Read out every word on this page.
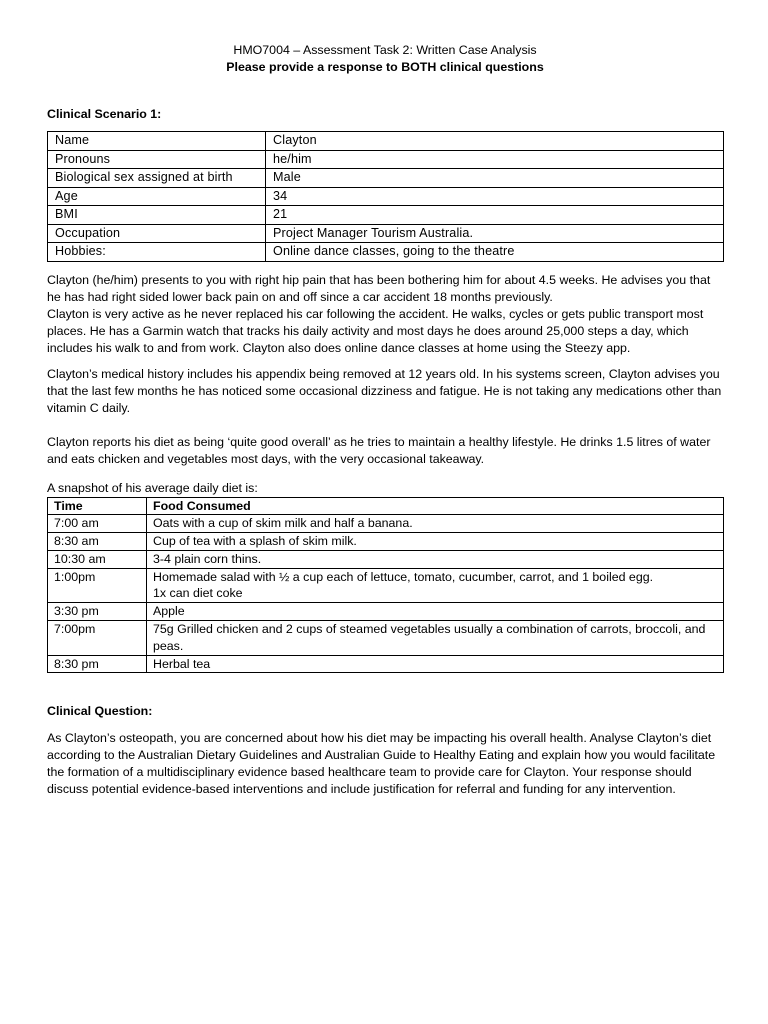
HMO7004 – Assessment Task 2: Written Case Analysis
Please provide a response to BOTH clinical questions
Clinical Scenario 1:
Name	Clayton
Pronouns	he/him
Biological sex assigned at birth	Male
Age	34
BMI	21
Occupation	Project Manager Tourism Australia.
Hobbies:	Online dance classes, going to the theatre

Clayton (he/him) presents to you with right hip pain that has been bothering him for about 4.5 weeks. He advises you that he has had right sided lower back pain on and off since a car accident 18 months previously.

Clayton is very active as he never replaced his car following the accident. He walks, cycles or gets public transport most places. He has a Garmin watch that tracks his daily activity and most days he does around 25,000 steps a day, which includes his walk to and from work. Clayton also does online dance classes at home using the Steezy app.

Clayton’s medical history includes his appendix being removed at 12 years old. In his systems screen, Clayton advises you that the last few months he has noticed some occasional dizziness and fatigue. He is not taking any medications other than vitamin C daily.

Clayton reports his diet as being ‘quite good overall’ as he tries to maintain a healthy lifestyle. He drinks 1.5 litres of water and eats chicken and vegetables most days, with the very occasional takeaway.

A snapshot of his average daily diet is:

Time	Food Consumed
7:00 am	Oats with a cup of skim milk and half a banana.
8:30 am	Cup of tea with a splash of skim milk.
10:30 am	3-4 plain corn thins.
1:00pm	Homemade salad with ½ a cup each of lettuce, tomato, cucumber, carrot, and 1 boiled egg.
1x can diet coke
3:30 pm	Apple
7:00pm	75g Grilled chicken and 2 cups of steamed vegetables usually a combination of carrots, broccoli, and peas.
8:30 pm	Herbal tea
Clinical Question:

As Clayton’s osteopath, you are concerned about how his diet may be impacting his overall health. Analyse Clayton’s diet according to the Australian Dietary Guidelines and Australian Guide to Healthy Eating and explain how you would facilitate the formation of a multidisciplinary evidence based healthcare team to provide care for Clayton. Your response should discuss potential evidence-based interventions and include justification for referral and funding for any intervention.
